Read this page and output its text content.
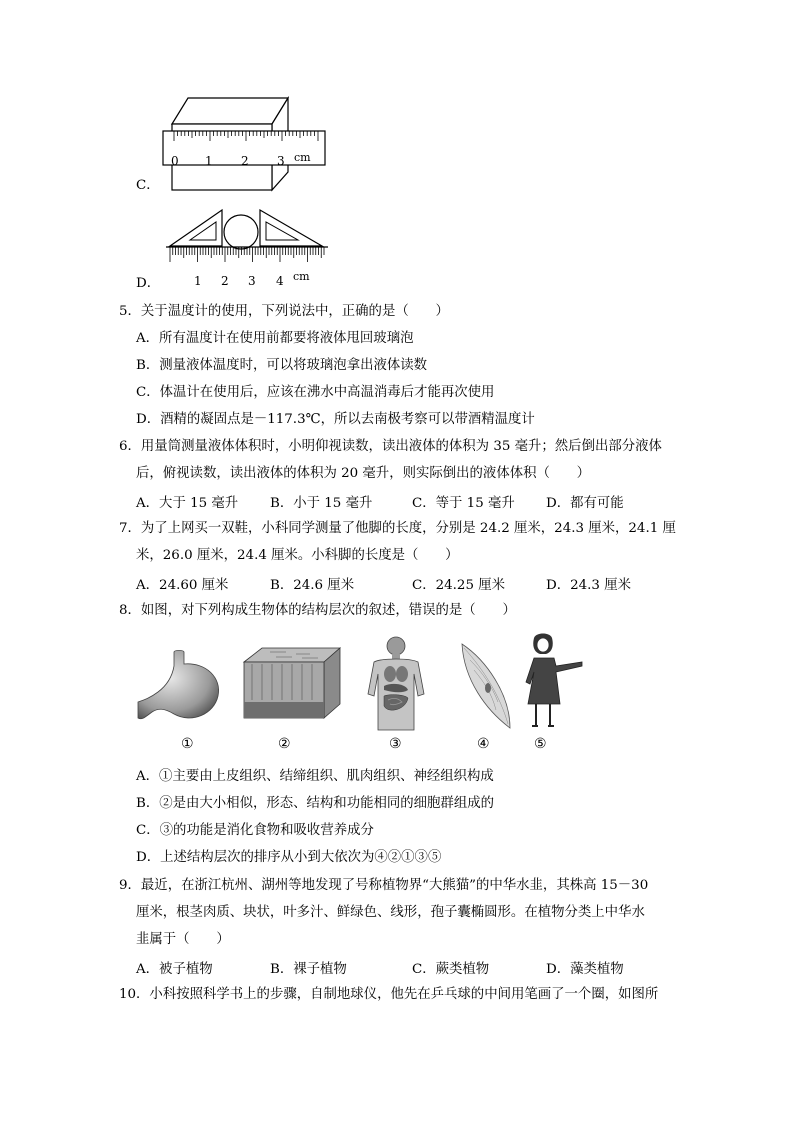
C．
0 1 2 3 cm
D．	1 2 3 4 cm
5．关于温度计的使用，下列说法中，正确的是（　　）
A．所有温度计在使用前都要将液体甩回玻璃泡
B．测量液体温度时，可以将玻璃泡拿出液体读数
C．体温计在使用后，应该在沸水中高温消毒后才能再次使用
D．酒精的凝固点是－117.3℃，所以去南极考察可以带酒精温度计
6．用量筒测量液体体积时，小明仰视读数，读出液体的体积为 35 毫升；然后倒出部分液体
后，俯视读数，读出液体的体积为 20 毫升，则实际倒出的液体体积（　　）
A．大于 15 毫升 B．小于 15 毫升	C．等于 15 毫升 D．都有可能
7．为了上网买一双鞋，小科同学测量了他脚的长度，分别是 24.2 厘米，24.3 厘米，24.1 厘
米，26.0 厘米，24.4 厘米。小科脚的长度是（　　）
A．24.60 厘米	B．24.6 厘米	C．24.25 厘米	D．24.3 厘米
8．如图，对下列构成生物体的结构层次的叙述，错误的是（　　）
①	②	③	④	⑤
A．①主要由上皮组织、结缔组织、肌肉组织、神经组织构成
B．②是由大小相似，形态、结构和功能相同的细胞群组成的
C．③的功能是消化食物和吸收营养成分
D．上述结构层次的排序从小到大依次为④②①③⑤
9．最近，在浙江杭州、湖州等地发现了号称植物界“大熊猫”的中华水韭，其株高 15－30
厘米，根茎肉质、块状，叶多汁、鲜绿色、线形，孢子囊椭圆形。在植物分类上中华水
韭属于（　　）
A．被子植物	B．裸子植物	C．蕨类植物	D．藻类植物
10．小科按照科学书上的步骤，自制地球仪，他先在乒乓球的中间用笔画了一个圈，如图所
